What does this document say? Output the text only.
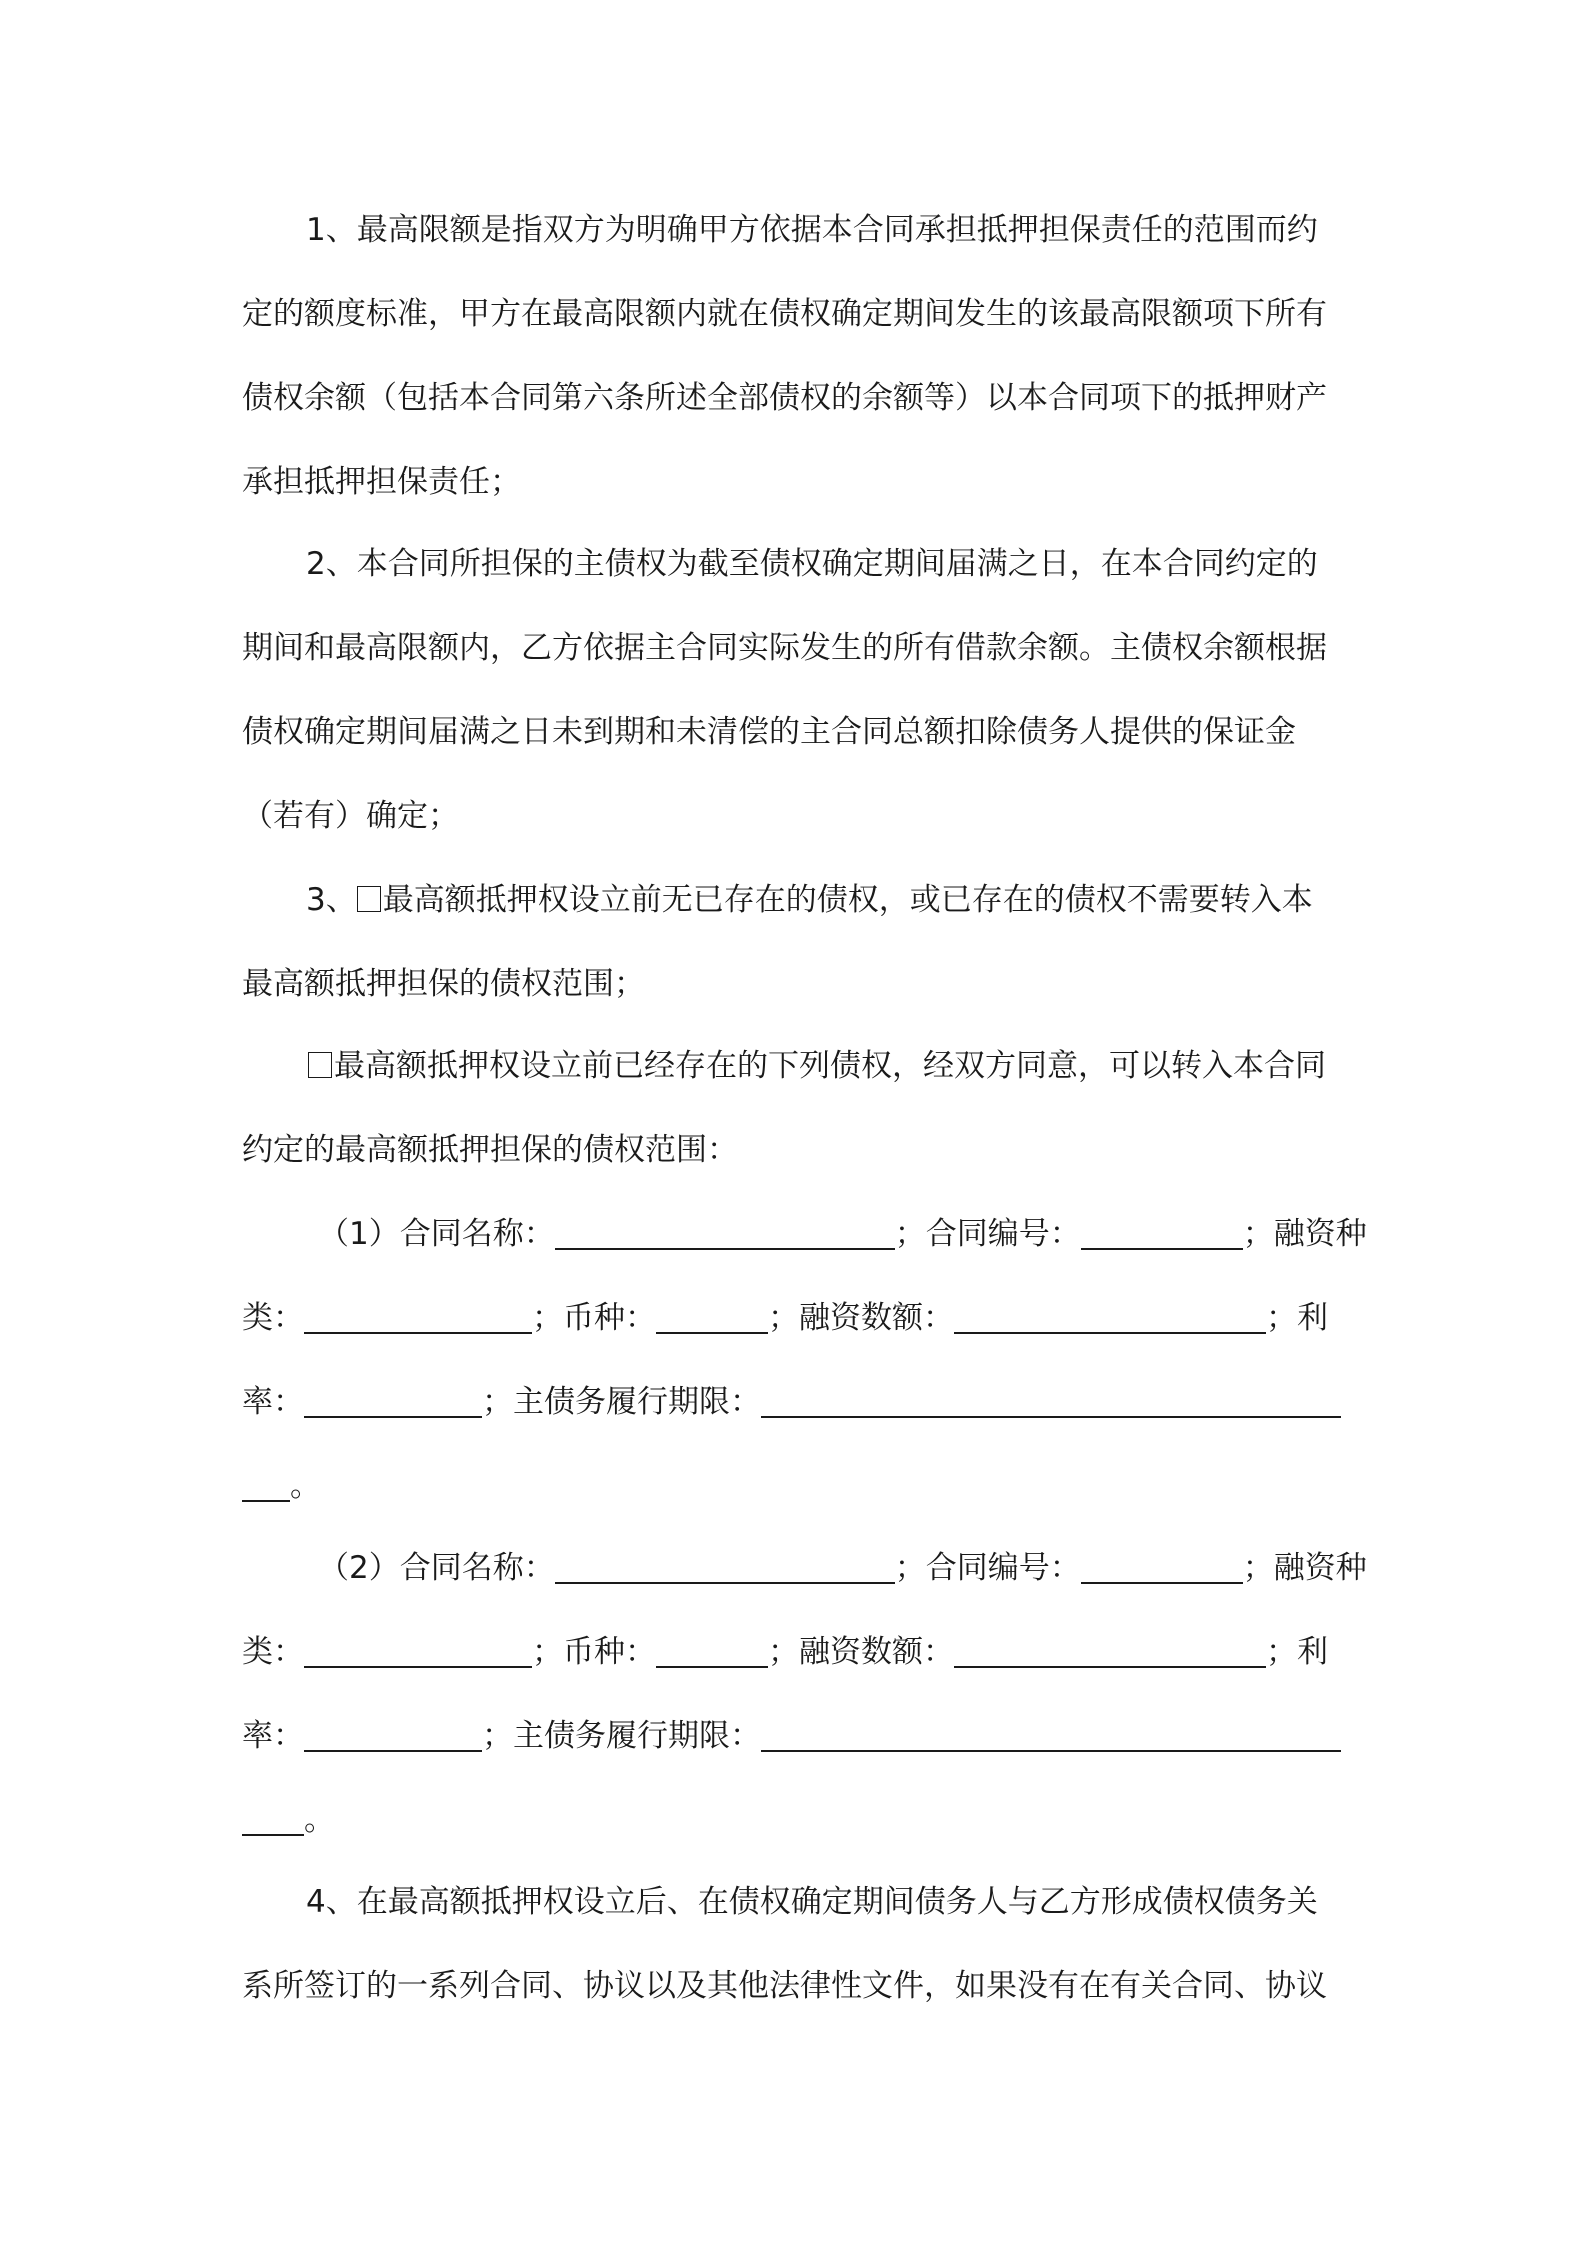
1、最高限额是指双方为明确甲方依据本合同承担抵押担保责任的范围而约
定的额度标准，甲方在最高限额内就在债权确定期间发生的该最高限额项下所有
债权余额（包括本合同第六条所述全部债权的余额等）以本合同项下的抵押财产
承担抵押担保责任；
2、本合同所担保的主债权为截至债权确定期间届满之日，在本合同约定的
期间和最高限额内，乙方依据主合同实际发生的所有借款余额。主债权余额根据
债权确定期间届满之日未到期和未清偿的主合同总额扣除债务人提供的保证金
（若有）确定；
3、 最高额抵押权设立前无已存在的债权，或已存在的债权不需要转入本
最高额抵押担保的债权范围；
最高额抵押权设立前已经存在的下列债权，经双方同意，可以转入本合同
约定的最高额抵押担保的债权范围：
（1）合同名称：	；合同编号：	；融资种
类：	；币种：	；融资数额：	；利
率：	；主债务履行期限：
。
（2）合同名称：	；合同编号：	；融资种
类：	；币种：	；融资数额：	；利
率：	；主债务履行期限：
。
4、在最高额抵押权设立后、在债权确定期间债务人与乙方形成债权债务关
系所签订的一系列合同、协议以及其他法律性文件，如果没有在有关合同、协议
